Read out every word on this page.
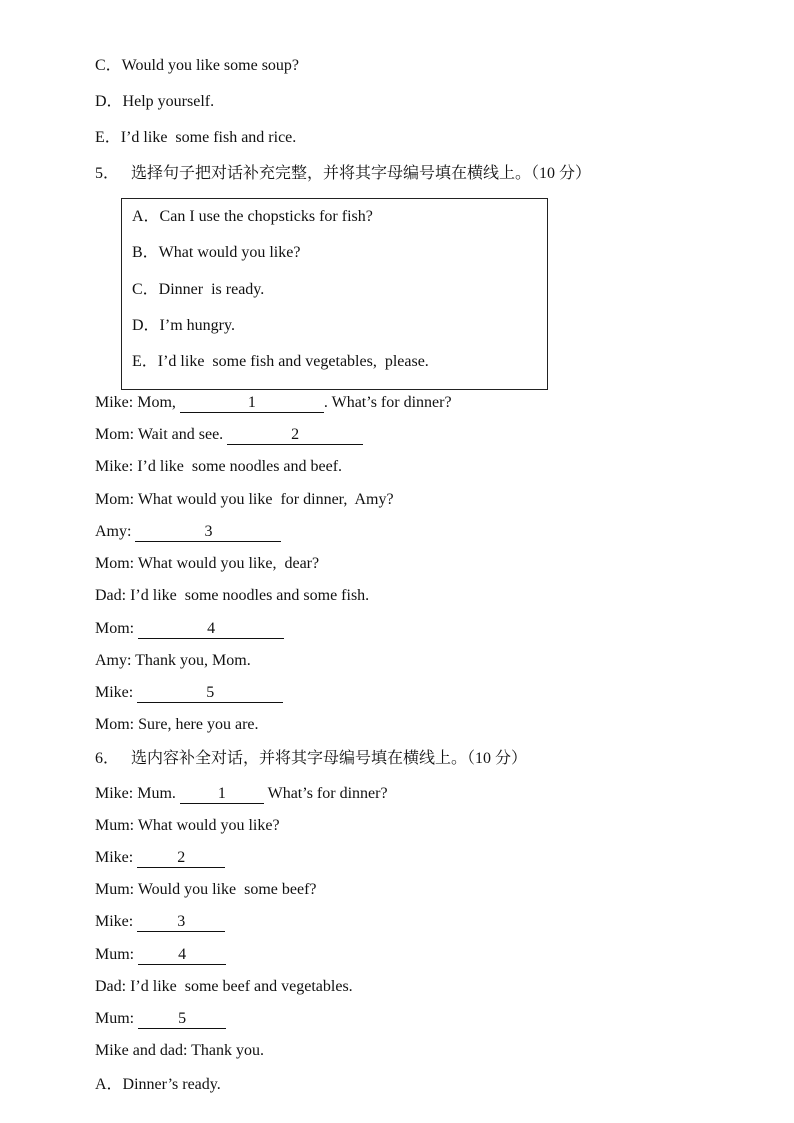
C．Would you like some soup?
D．Help yourself.
E．I’d like  some fish and rice.
5．   选择句子把对话补充完整，并将其字母编号填在横线上。（10 分）
A．Can I use the chopsticks for fish?
B．What would you like?
C．Dinner  is ready.
D．I’m hungry.
E．I’d like  some fish and vegetables,  please.
Mike: Mom,	1	. What’s for dinner?
Mom: Wait and see.	2
Mike: I’d like  some noodles and beef.
Mom: What would you like  for dinner,  Amy?
Amy:	3
Mom: What would you like,  dear?
Dad: I’d like  some noodles and some fish.
Mom:	4
Amy: Thank you, Mom.
Mike:	5
Mom: Sure, here you are.
6．   选内容补全对话，并将其字母编号填在横线上。（10 分）
Mike: Mum. 1 What’s for dinner?
Mum: What would you like?
Mike:	2
Mum: Would you like  some beef?
Mike:	3
Mum:	4
Dad: I’d like  some beef and vegetables.
Mum:	5
Mike and dad: Thank you.
A．Dinner’s ready.
